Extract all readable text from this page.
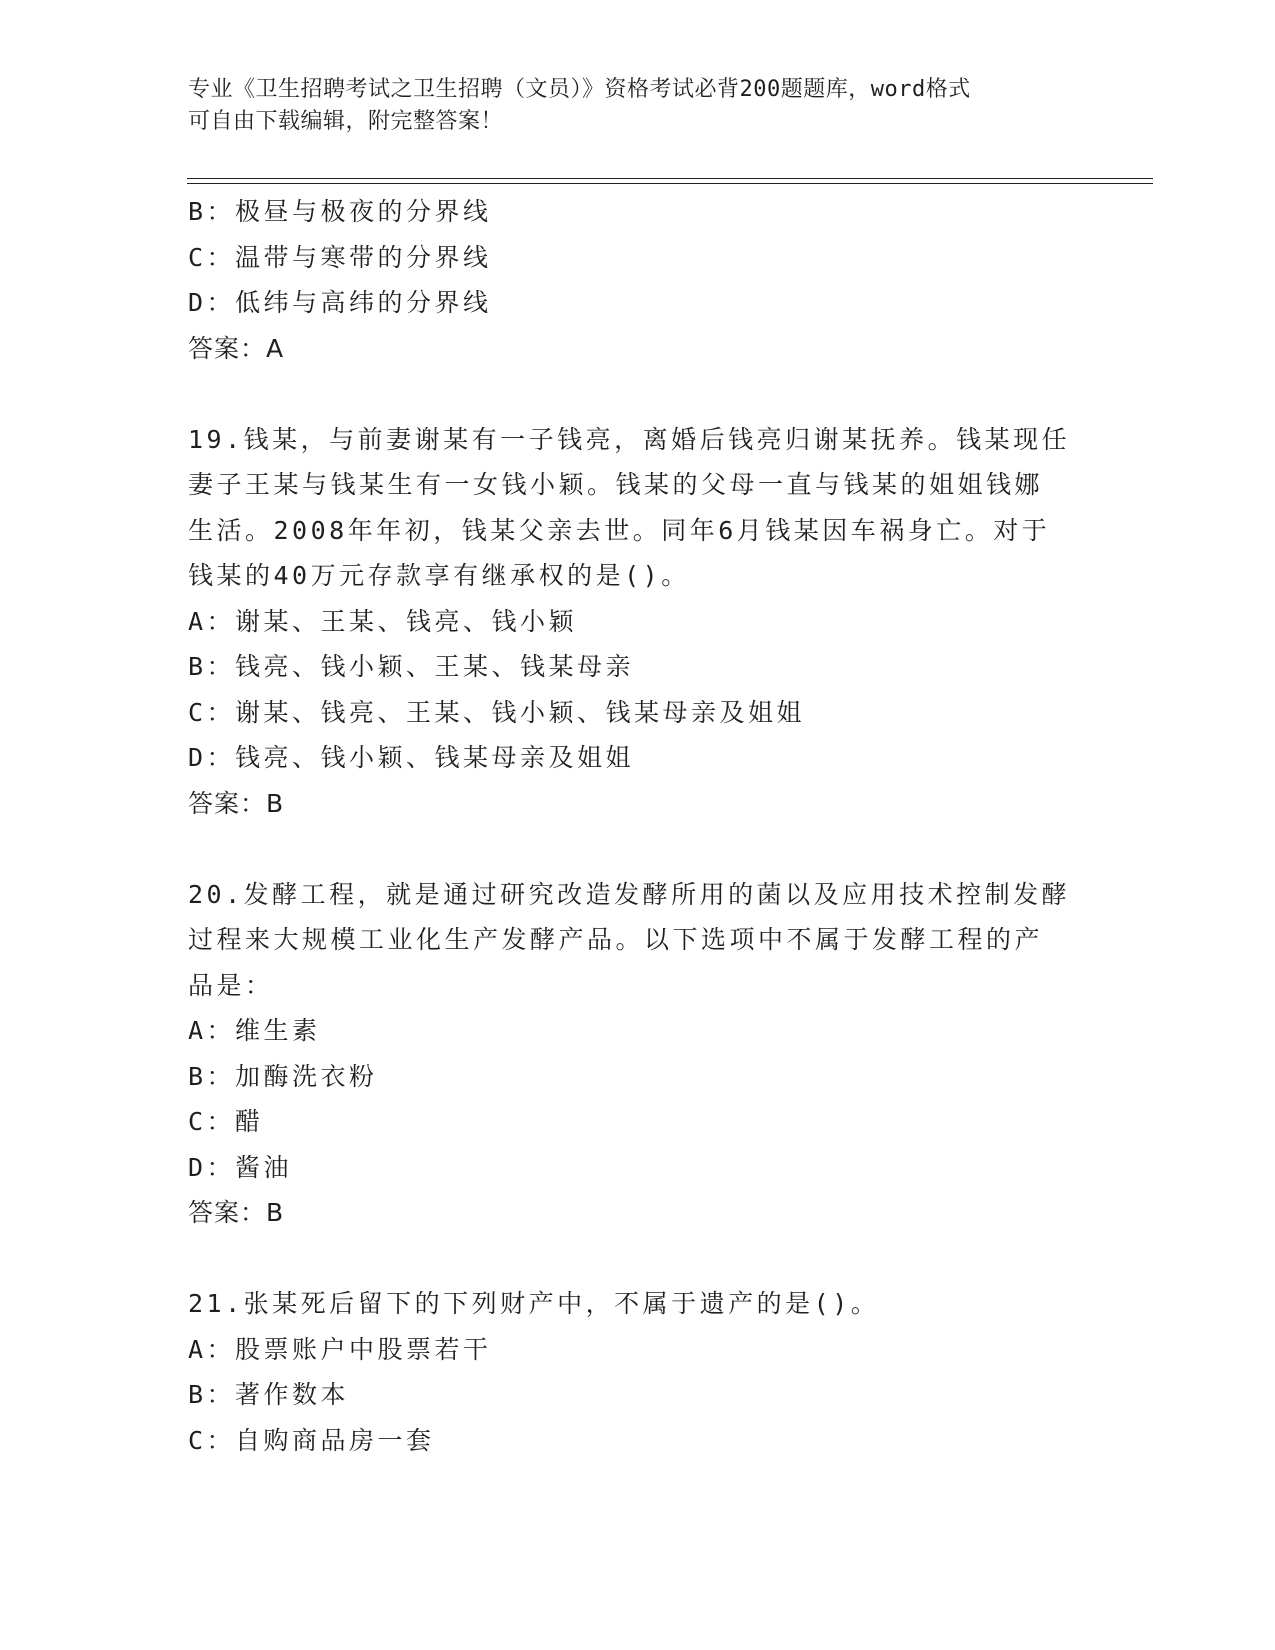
专业《卫生招聘考试之卫生招聘（文员）》资格考试必背200题题库，word格式
可自由下载编辑，附完整答案！
B：极昼与极夜的分界线
C：温带与寒带的分界线
D：低纬与高纬的分界线
答案：A
19.钱某，与前妻谢某有一子钱亮，离婚后钱亮归谢某抚养。钱某现任
妻子王某与钱某生有一女钱小颖。钱某的父母一直与钱某的姐姐钱娜
生活。2008年年初，钱某父亲去世。同年6月钱某因车祸身亡。对于
钱某的40万元存款享有继承权的是()。
A：谢某、王某、钱亮、钱小颖
B：钱亮、钱小颖、王某、钱某母亲
C：谢某、钱亮、王某、钱小颖、钱某母亲及姐姐
D：钱亮、钱小颖、钱某母亲及姐姐
答案：B
20.发酵工程，就是通过研究改造发酵所用的菌以及应用技术控制发酵
过程来大规模工业化生产发酵产品。以下选项中不属于发酵工程的产
品是：
A：维生素
B：加酶洗衣粉
C：醋
D：酱油
答案：B
21.张某死后留下的下列财产中，不属于遗产的是()。
A：股票账户中股票若干
B：著作数本
C：自购商品房一套
